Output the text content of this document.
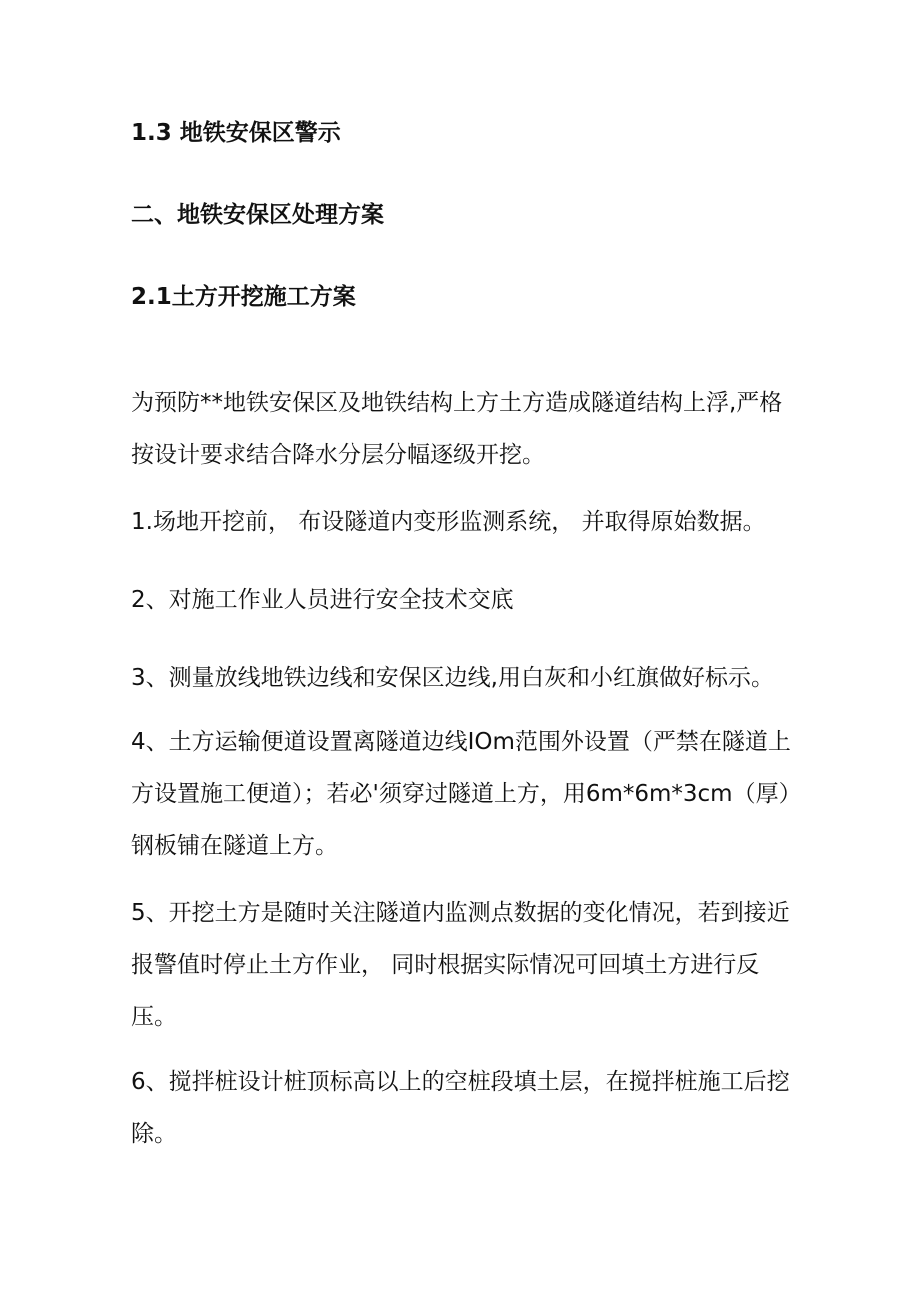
1.3 地铁安保区警示
二、地铁安保区处理方案
2.1土方开挖施工方案

为预防**地铁安保区及地铁结构上方土方造成隧道结构上浮,严格按设计要求结合降水分层分幅逐级开挖。

1.场地开挖前， 布设隧道内变形监测系统， 并取得原始数据。

2、对施工作业人员进行安全技术交底

3、测量放线地铁边线和安保区边线,用白灰和小红旗做好标示。

4、土方运输便道设置离隧道边线IOm范围外设置（严禁在隧道上方设置施工便道）；若必'须穿过隧道上方，用6m*6m*3cm（厚）钢板铺在隧道上方。

5、开挖土方是随时关注隧道内监测点数据的变化情况，若到接近报警值时停止土方作业， 同时根据实际情况可回填土方进行反压。

6、搅拌桩设计桩顶标高以上的空桩段填土层，在搅拌桩施工后挖除。
